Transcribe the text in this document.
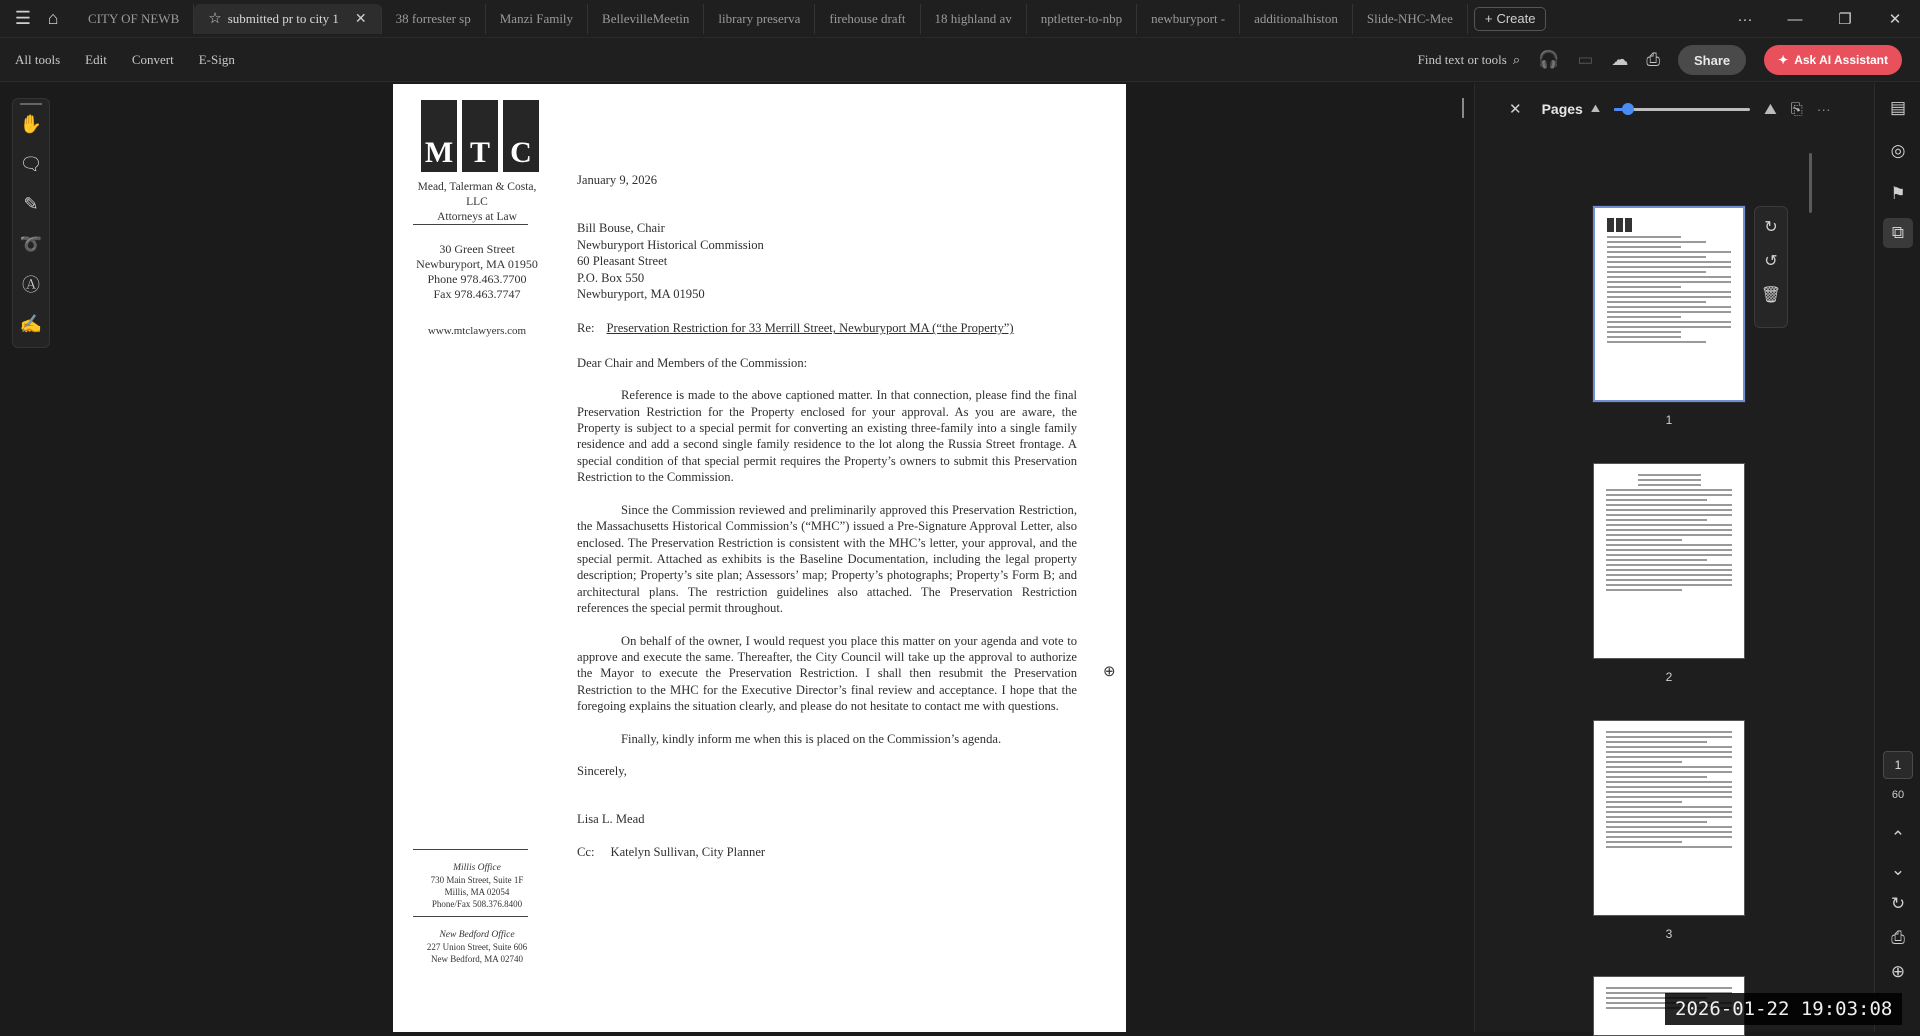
☰ ⌂	CITY OF NEWB ☆ submitted pr to city 1 ✕ 38 forrester sp Manzi Family BellevilleMeetin library preserva firehouse draft 18 highland av nptletter-to-nbp newburyport - additionalhiston Slide-NHC-Mee + Create	···	—	❐	✕
All tools Edit Convert E-Sign	Find text or tools ⌕ 🎧 ▭ ☁ ⎙	Share	✦ Ask AI Assistant
✋
🗨
✎
➰
Ⓐ
✍
M T C
Mead, Talerman & Costa, LLC
Attorneys at Law
30 Green Street
Newburyport, MA 01950
Phone 978.463.7700
Fax 978.463.7747
www.mtclawyers.com
Millis Office
730 Main Street, Suite 1F
Millis, MA 02054
Phone/Fax 508.376.8400
New Bedford Office
227 Union Street, Suite 606
New Bedford, MA 02740

January 9, 2026

Bill Bouse, Chair

Newburyport Historical Commission

60 Pleasant Street

P.O. Box 550

Newburyport, MA 01950

Re: Preservation Restriction for 33 Merrill Street, Newburyport MA (“the Property”)

Dear Chair and Members of the Commission:

Reference is made to the above captioned matter. In that connection, please find the final Preservation Restriction for the Property enclosed for your approval. As you are aware, the Property is subject to a special permit for converting an existing three-family into a single family residence and add a second single family residence to the lot along the Russia Street frontage. A special condition of that special permit requires the Property’s owners to submit this Preservation Restriction to the Commission.

Since the Commission reviewed and preliminarily approved this Preservation Restriction, the Massachusetts Historical Commission’s (“MHC”) issued a Pre-Signature Approval Letter, also enclosed. The Preservation Restriction is consistent with the MHC’s letter, your approval, and the special permit. Attached as exhibits is the Baseline Documentation, including the legal property description; Property’s site plan; Assessors’ map; Property’s photographs; Property’s Form B; and architectural plans. The restriction guidelines also attached. The Preservation Restriction references the special permit throughout.

On behalf of the owner, I would request you place this matter on your agenda and vote to approve and execute the same. Thereafter, the City Council will take up the approval to authorize the Mayor to execute the Preservation Restriction. I shall then resubmit the Preservation Restriction to the MHC for the Executive Director’s final review and acceptance. I hope that the foregoing explains the situation clearly, and please do not hesitate to contact me with questions.

Finally, kindly inform me when this is placed on the Commission’s agenda.

Sincerely,

Lisa L. Mead

Cc: Katelyn Sullivan, City Planner

⊕
✕ Pages ⛰	⛰ ⎘ ···
1
↻
↺
🗑
2
3
▤
◎
⚑
⧉
1
60
⌃
⌄
↻
⎙
⊕
2026-01-22 19:03:08
